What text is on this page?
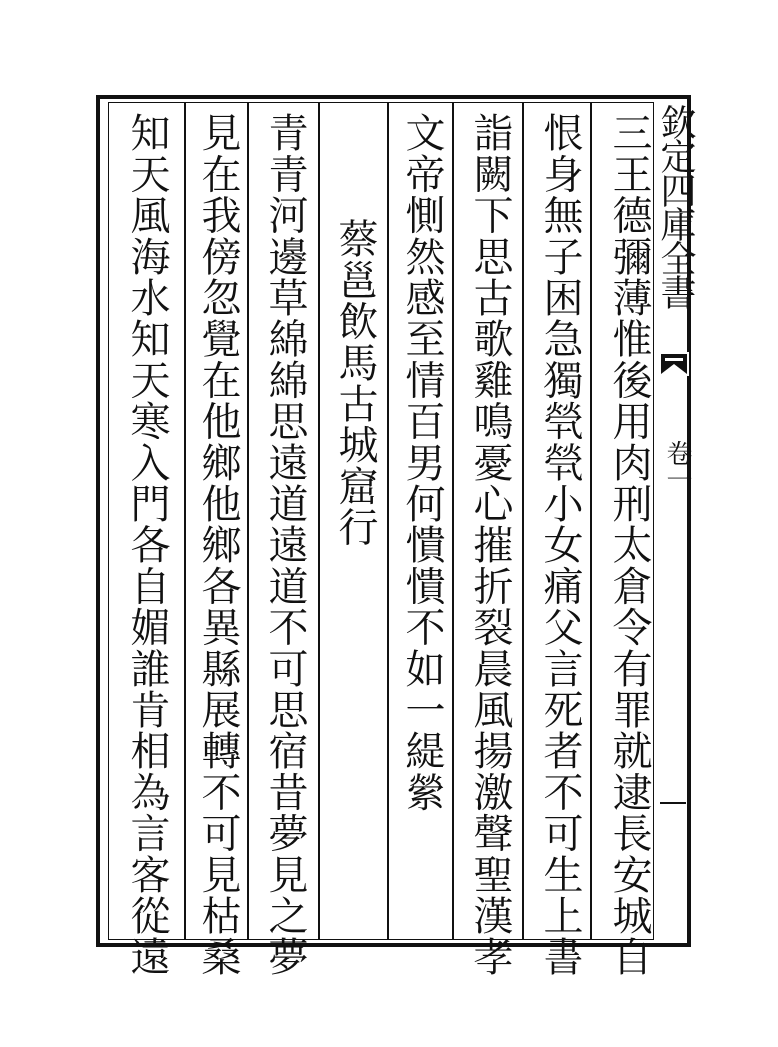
三王德彌薄惟後用肉刑太倉令有罪就逮長安城自
恨身無子困急獨煢煢小女痛父言死者不可生上書
詣闕下思古歌雞鳴憂心摧折裂晨風揚激聲聖漢孝
文帝惻然感至情百男何憒憒不如一緹縈
蔡邕飲馬古城窟行
青青河邊草綿綿思遠道遠道不可思宿昔夢見之夢
見在我傍忽覺在他鄉他鄉各異縣展轉不可見枯桑
知天風海水知天寒入門各自媚誰肯相為言客從遠	欽定四庫全書
卷一
